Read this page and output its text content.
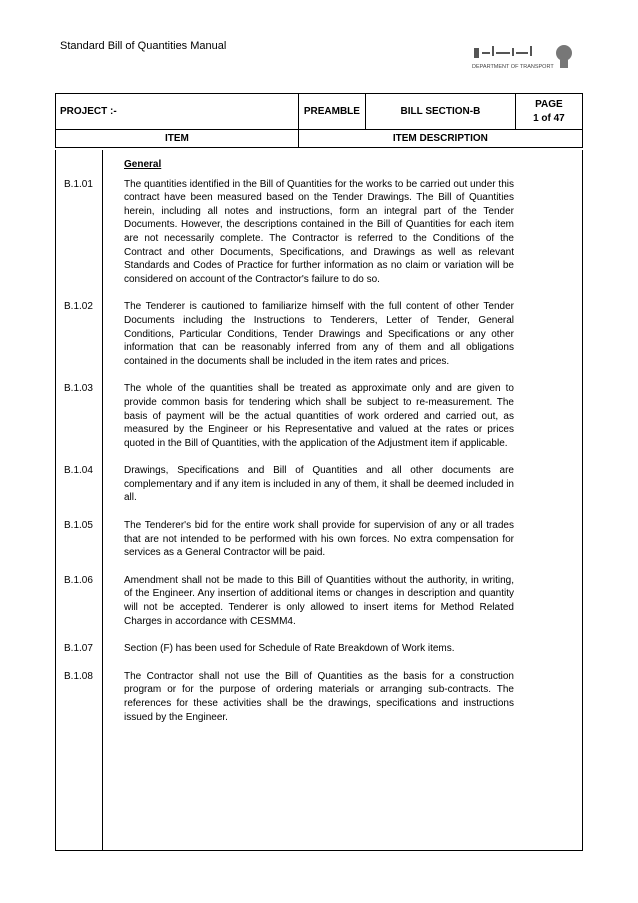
Standard Bill of Quantities Manual
DEPARTMENT OF TRANSPORT
PROJECT :-	PREAMBLE	BILL SECTION-B	PAGE
1 of 47

ITEM	ITEM DESCRIPTION		
General
B.1.01	The quantities identified in the Bill of Quantities for the works to be carried out under this contract have been measured based on the Tender Drawings. The Bill of Quantities herein, including all notes and instructions, form an integral part of the Tender Documents. However, the descriptions contained in the Bill of Quantities for each item are not necessarily complete. The Contractor is referred to the Conditions of the Contract and other Documents, Specifications, and Drawings as well as relevant Standards and Codes of Practice for further information as no claim or variation will be considered on account of the Contractor's failure to do so.
B.1.02	The Tenderer is cautioned to familiarize himself with the full content of other Tender Documents including the Instructions to Tenderers, Letter of Tender, General Conditions, Particular Conditions, Tender Drawings and Specifications or any other information that can be reasonably inferred from any of them and all obligations contained in the documents shall be included in the item rates and prices.
B.1.03	The whole of the quantities shall be treated as approximate only and are given to provide common basis for tendering which shall be subject to re-measurement. The basis of payment will be the actual quantities of work ordered and carried out, as measured by the Engineer or his Representative and valued at the rates or prices quoted in the Bill of Quantities, with the application of the Adjustment item if applicable.
B.1.04	Drawings, Specifications and Bill of Quantities and all other documents are complementary and if any item is included in any of them, it shall be deemed included in all.
B.1.05	The Tenderer's bid for the entire work shall provide for supervision of any or all trades that are not intended to be performed with his own forces. No extra compensation for services as a General Contractor will be paid.
B.1.06	Amendment shall not be made to this Bill of Quantities without the authority, in writing, of the Engineer. Any insertion of additional items or changes in description and quantity will not be accepted. Tenderer is only allowed to insert items for Method Related Charges in accordance with CESMM4.
B.1.07	Section (F) has been used for Schedule of Rate Breakdown of Work items.
B.1.08	The Contractor shall not use the Bill of Quantities as the basis for a construction program or for the purpose of ordering materials or arranging sub-contracts. The references for these activities shall be the drawings, specifications and instructions issued by the Engineer.
